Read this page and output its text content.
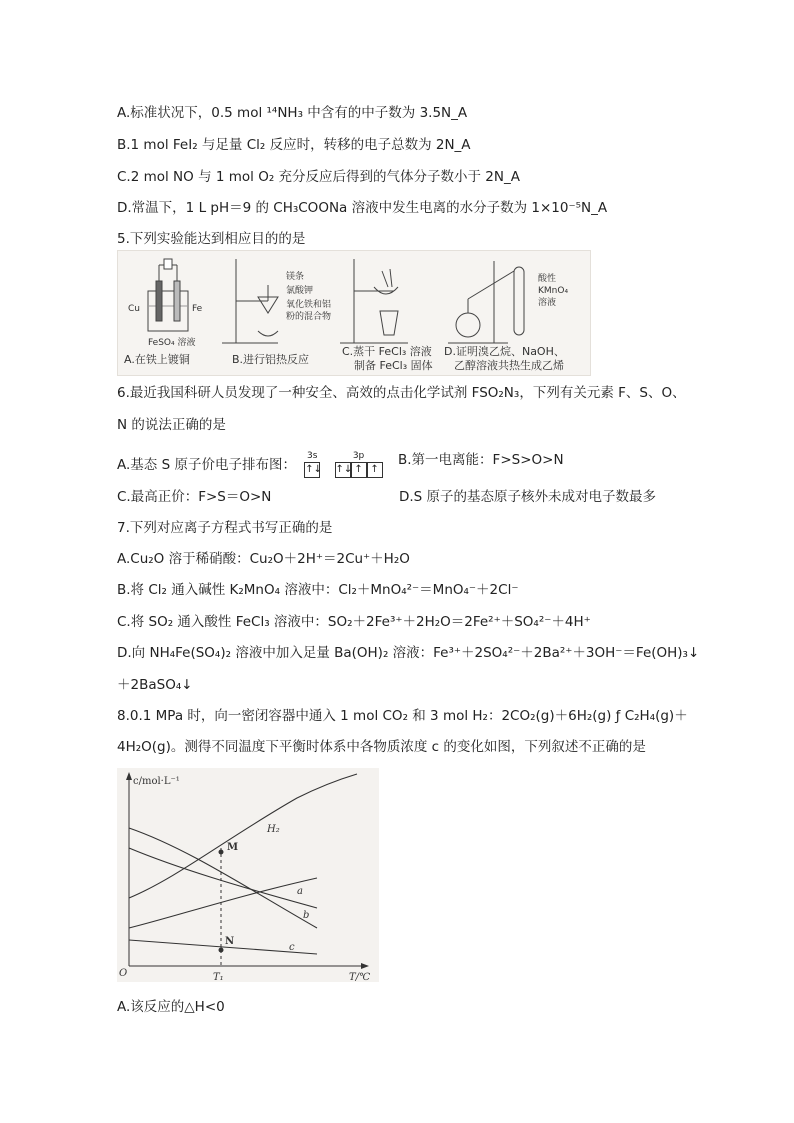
A.标准状况下，0.5 mol ¹⁴NH₃ 中含有的中子数为 3.5N_A
B.1 mol FeI₂ 与足量 Cl₂ 反应时，转移的电子总数为 2N_A
C.2 mol NO 与 1 mol O₂ 充分反应后得到的气体分子数小于 2N_A
D.常温下，1 L pH＝9 的 CH₃COONa 溶液中发生电离的水分子数为 1×10⁻⁵N_A
5.下列实验能达到相应目的的是
Cu	Fe
FeSO₄ 溶液
A.在铁上镀铜
镁条
氯酸钾
氧化铁和铝
粉的混合物
B.进行铝热反应
C.蒸干 FeCl₃ 溶液
制备 FeCl₃ 固体
酸性
KMnO₄
溶液
D.证明溴乙烷、NaOH、
乙醇溶液共热生成乙烯
6.最近我国科研人员发现了一种安全、高效的点击化学试剂 FSO₂N₃，下列有关元素 F、S、O、
N 的说法正确的是
A.基态 S 原子价电子排布图：
3s
↑↓
3p
↑↓ ↑ ↑
B.第一电离能：F>S>O>N
C.最高正价：F>S＝O>N	D.S 原子的基态原子核外未成对电子数最多
7.下列对应离子方程式书写正确的是
A.Cu₂O 溶于稀硝酸：Cu₂O＋2H⁺＝2Cu⁺＋H₂O
B.将 Cl₂ 通入碱性 K₂MnO₄ 溶液中：Cl₂＋MnO₄²⁻＝MnO₄⁻＋2Cl⁻
C.将 SO₂ 通入酸性 FeCl₃ 溶液中：SO₂＋2Fe³⁺＋2H₂O＝2Fe²⁺＋SO₄²⁻＋4H⁺
D.向 NH₄Fe(SO₄)₂ 溶液中加入足量 Ba(OH)₂ 溶液：Fe³⁺＋2SO₄²⁻＋2Ba²⁺＋3OH⁻＝Fe(OH)₃↓
＋2BaSO₄↓
8.0.1 MPa 时，向一密闭容器中通入 1 mol CO₂ 和 3 mol H₂：2CO₂(g)＋6H₂(g) ƒ C₂H₄(g)＋
4H₂O(g)。测得不同温度下平衡时体系中各物质浓度 c 的变化如图，下列叙述不正确的是
c/mol·L⁻¹
T/℃
O	T₁
H₂
M
N
a
b
c
A.该反应的△H<0
